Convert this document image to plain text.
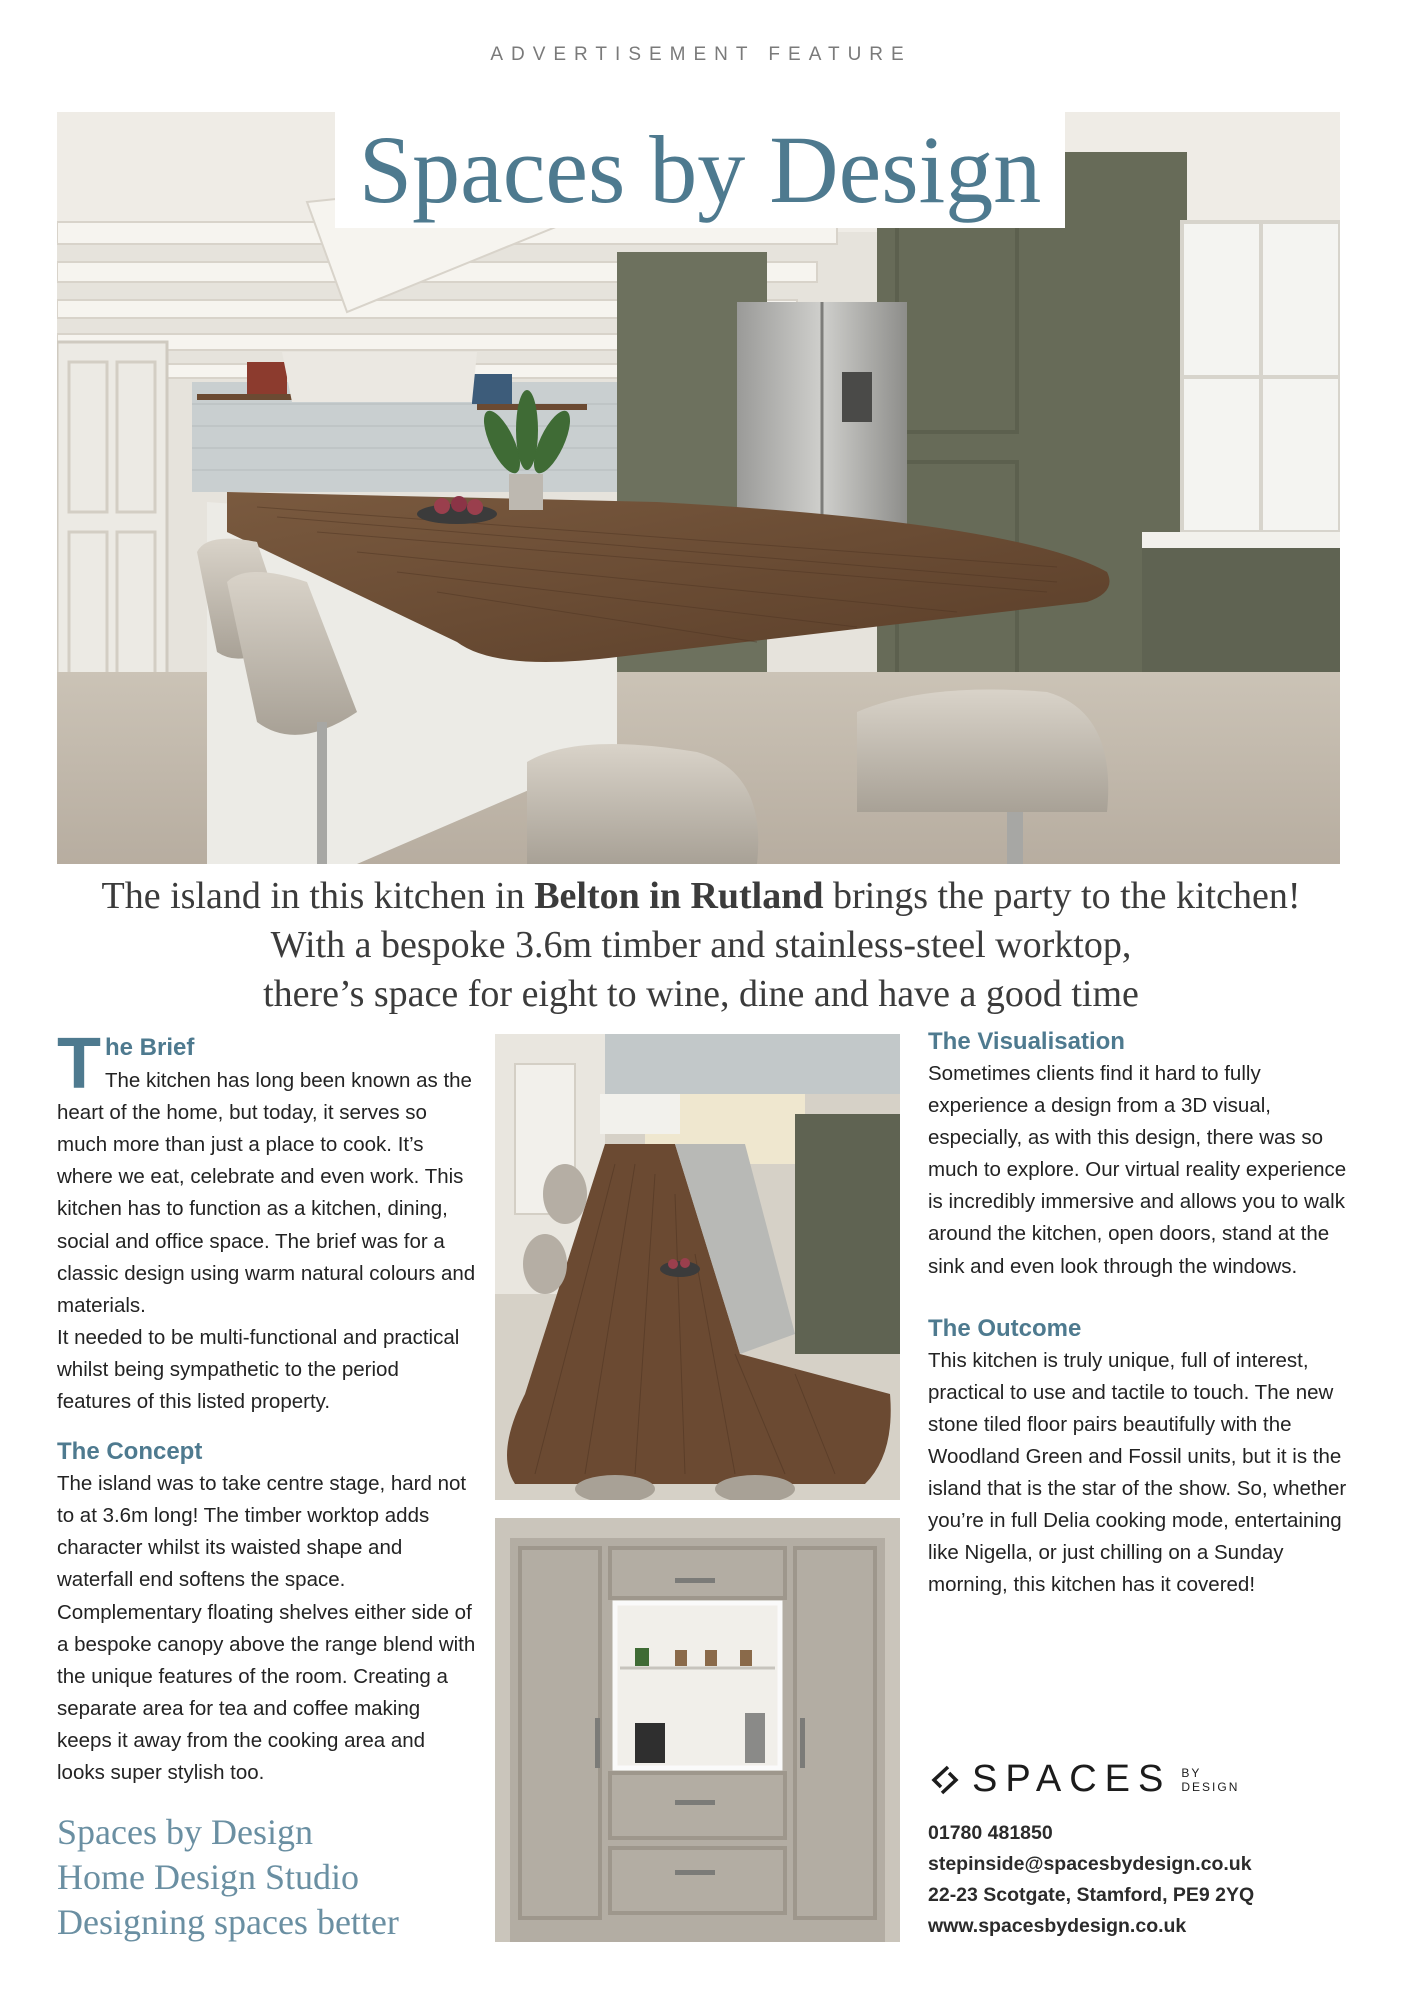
ADVERTISEMENT FEATURE
Spaces by Design
The island in this kitchen in Belton in Rutland brings the party to the kitchen!
With a bespoke 3.6m timber and stainless-steel worktop,
there’s space for eight to wine, dine and have a good time
T he Brief
The kitchen has long been known as the heart of the home, but today, it serves so much more than just a place to cook. It’s where we eat, celebrate and even work. This kitchen has to function as a kitchen, dining, social and office space. The brief was for a classic design using warm natural colours and materials.

It needed to be multi-functional and practical whilst being sympathetic to the period features of this listed property.

The Concept

The island was to take centre stage, hard not to at 3.6m long! The timber worktop adds character whilst its waisted shape and waterfall end softens the space. Complementary floating shelves either side of a bespoke canopy above the range blend with the unique features of the room. Creating a separate area for tea and coffee making keeps it away from the cooking area and looks super stylish too.

Spaces by Design
Home Design Studio
Designing spaces better
The Visualisation

Sometimes clients find it hard to fully experience a design from a 3D visual, especially, as with this design, there was so much to explore. Our virtual reality experience is incredibly immersive and allows you to walk around the kitchen, open doors, stand at the sink and even look through the windows.

The Outcome

This kitchen is truly unique, full of interest, practical to use and tactile to touch. The new stone tiled floor pairs beautifully with the Woodland Green and Fossil units, but it is the island that is the star of the show. So, whether you’re in full Delia cooking mode, entertaining like Nigella, or just chilling on a Sunday morning, this kitchen has it covered!

SPACES BY
DESIGN
01780 481850
stepinside@spacesbydesign.co.uk
22-23 Scotgate, Stamford, PE9 2YQ
www.spacesbydesign.co.uk
